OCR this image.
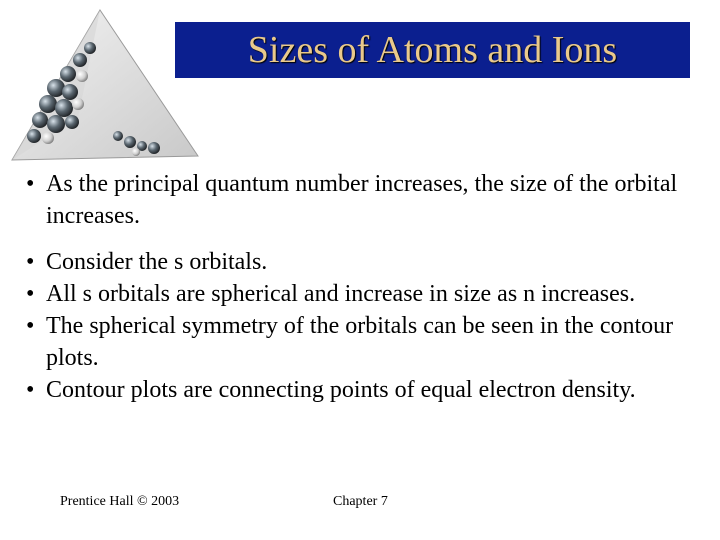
Sizes of Atoms and Ions
• As the principal quantum number increases, the size of the orbital increases.
• Consider the s orbitals.
• All s orbitals are spherical and increase in size as n increases.
• The spherical symmetry of the orbitals can be seen in the contour plots.
• Contour plots are connecting points of equal electron density.
Prentice Hall © 2003	Chapter 7
